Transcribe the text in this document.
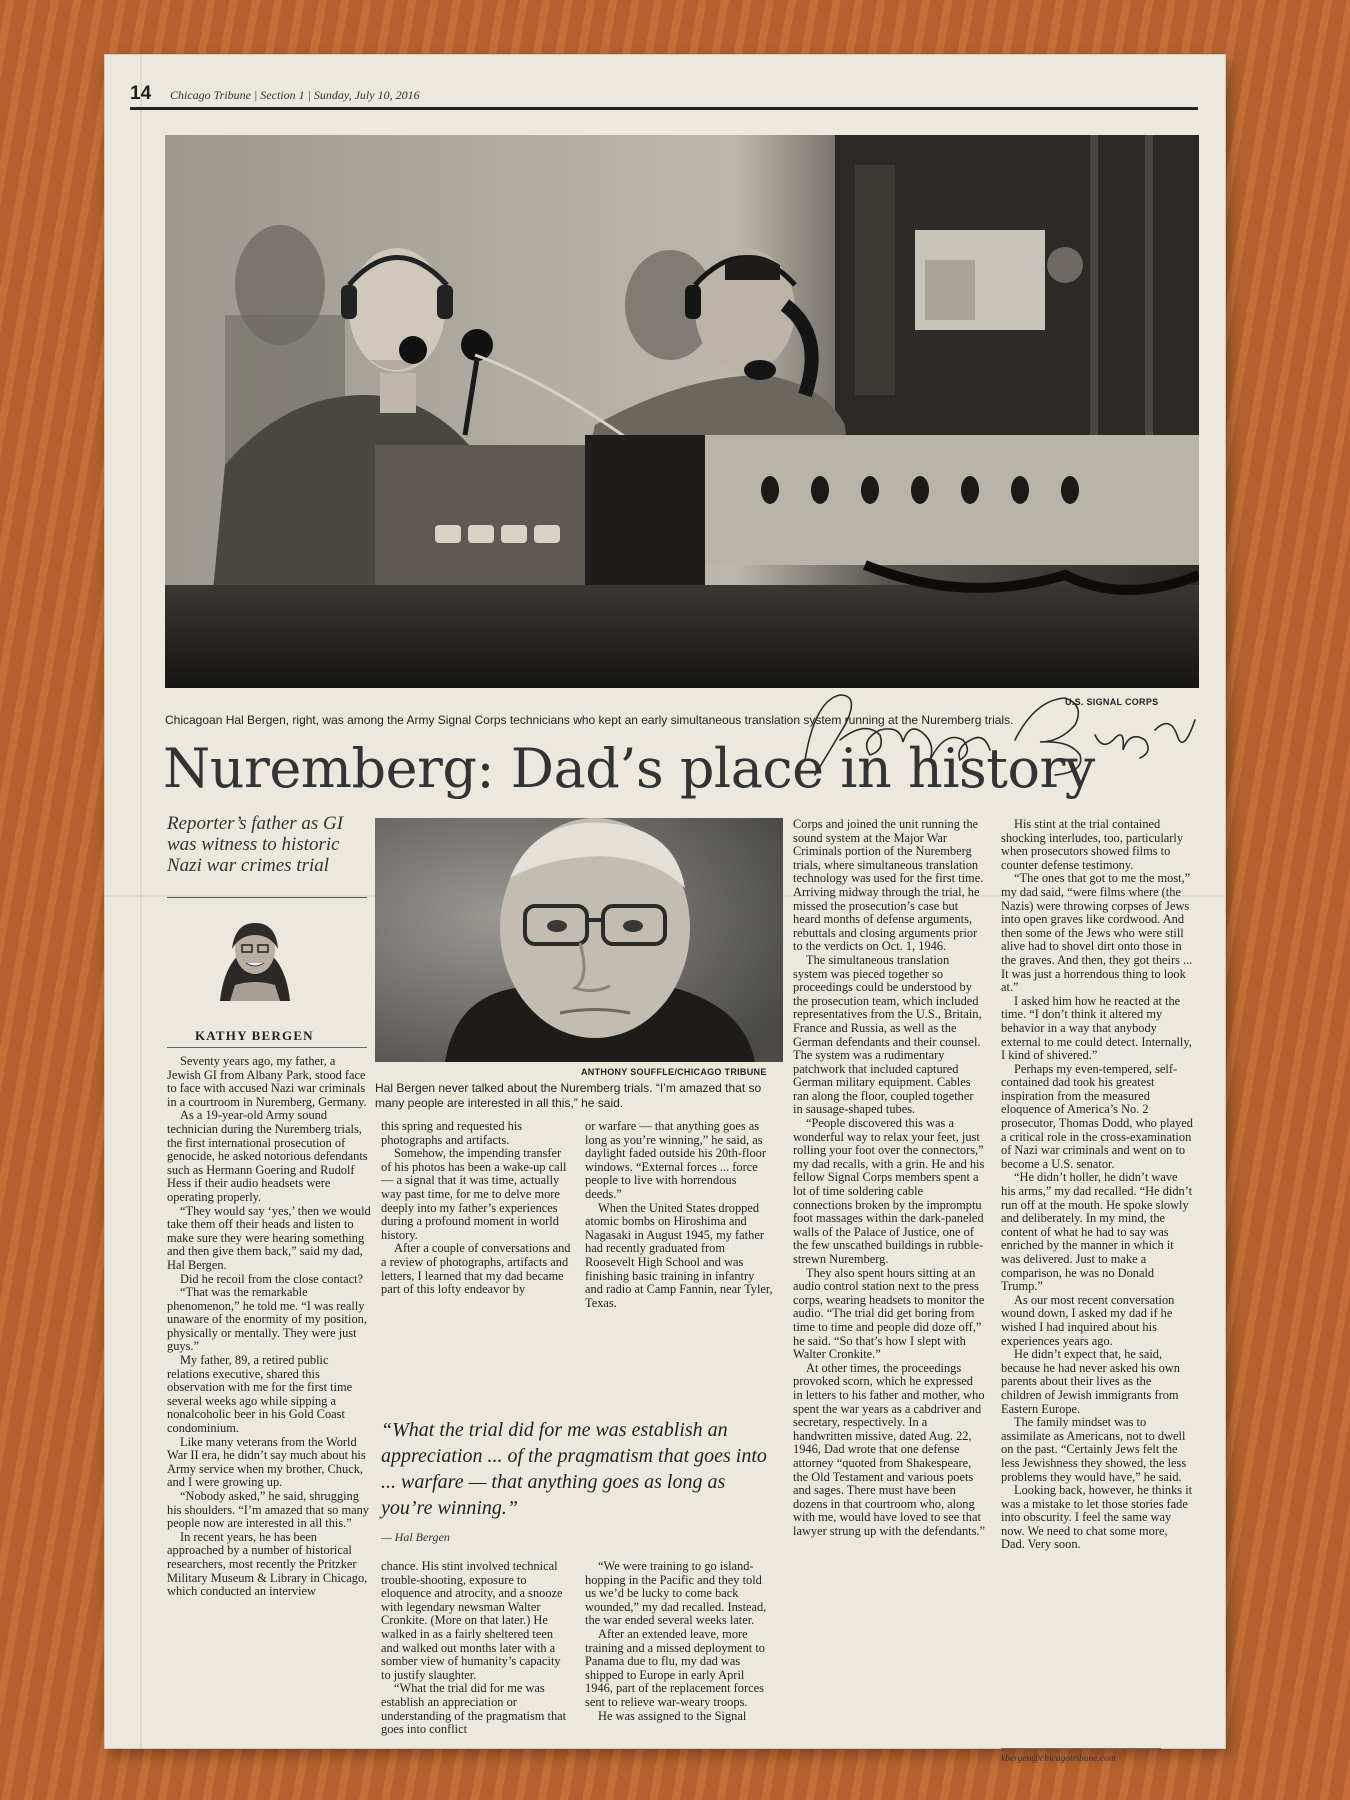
14 Chicago Tribune | Section 1 | Sunday, July 10, 2016
U.S. SIGNAL CORPS
Chicagoan Hal Bergen, right, was among the Army Signal Corps technicians who kept an early simultaneous translation system running at the Nuremberg trials.
Nuremberg: Dad’s place in history
Reporter’s father as GI was witness to historic Nazi war crimes trial
KATHY BERGEN
ANTHONY SOUFFLE/CHICAGO TRIBUNE
Hal Bergen never talked about the Nuremberg trials. “I’m amazed that so many people are interested in all this,” he said.

Seventy years ago, my father, a Jewish GI from Albany Park, stood face to face with accused Nazi war criminals in a courtroom in Nuremberg, Germany.

As a 19-year-old Army sound technician during the Nuremberg trials, the first international prosecution of genocide, he asked notorious defendants such as Hermann Goering and Rudolf Hess if their audio headsets were operating properly.

“They would say ‘yes,’ then we would take them off their heads and listen to make sure they were hearing something and then give them back,” said my dad, Hal Bergen.

Did he recoil from the close contact?

“That was the remarkable phenomenon,” he told me. “I was really unaware of the enormity of my position, physically or mentally. They were just guys.”

My father, 89, a retired public relations executive, shared this observation with me for the first time several weeks ago while sipping a nonalcoholic beer in his Gold Coast condominium.

Like many veterans from the World War II era, he didn’t say much about his Army service when my brother, Chuck, and I were growing up.

“Nobody asked,” he said, shrugging his shoulders. “I’m amazed that so many people now are interested in all this.”

In recent years, he has been approached by a number of historical researchers, most recently the Pritzker Military Museum & Library in Chicago, which conducted an interview

this spring and requested his photographs and artifacts.

Somehow, the impending transfer of his photos has been a wake-up call — a signal that it was time, actually way past time, for me to delve more deeply into my father’s experiences during a profound moment in world history.

After a couple of conversations and a review of photographs, artifacts and letters, I learned that my dad became part of this lofty endeavor by

or warfare — that anything goes as long as you’re winning,” he said, as daylight faded outside his 20th-floor windows. “External forces ... force people to live with horrendous deeds.”

When the United States dropped atomic bombs on Hiroshima and Nagasaki in August 1945, my father had recently graduated from Roosevelt High School and was finishing basic training in infantry and radio at Camp Fannin, near Tyler, Texas.

“What the trial did for me was establish an appreciation ... of the pragmatism that goes into ... warfare — that anything goes as long as you’re winning.”
— Hal Bergen

chance. His stint involved technical trouble-shooting, exposure to eloquence and atrocity, and a snooze with legendary newsman Walter Cronkite. (More on that later.) He walked in as a fairly sheltered teen and walked out months later with a somber view of humanity’s capacity to justify slaughter.

“What the trial did for me was establish an appreciation or understanding of the pragmatism that goes into conflict

“We were training to go island-hopping in the Pacific and they told us we’d be lucky to come back wounded,” my dad recalled. Instead, the war ended several weeks later.

After an extended leave, more training and a missed deployment to Panama due to flu, my dad was shipped to Europe in early April 1946, part of the replacement forces sent to relieve war-weary troops.

He was assigned to the Signal

Corps and joined the unit running the sound system at the Major War Criminals portion of the Nuremberg trials, where simultaneous translation technology was used for the first time. Arriving midway through the trial, he missed the prosecution’s case but heard months of defense arguments, rebuttals and closing arguments prior to the verdicts on Oct. 1, 1946.

The simultaneous translation system was pieced together so proceedings could be understood by the prosecution team, which included representatives from the U.S., Britain, France and Russia, as well as the German defendants and their counsel. The system was a rudimentary patchwork that included captured German military equipment. Cables ran along the floor, coupled together in sausage-shaped tubes.

“People discovered this was a wonderful way to relax your feet, just rolling your foot over the connectors,” my dad recalls, with a grin. He and his fellow Signal Corps members spent a lot of time soldering cable connections broken by the impromptu foot massages within the dark-paneled walls of the Palace of Justice, one of the few unscathed buildings in rubble-strewn Nuremberg.

They also spent hours sitting at an audio control station next to the press corps, wearing headsets to monitor the audio. “The trial did get boring from time to time and people did doze off,” he said. “So that’s how I slept with Walter Cronkite.”

At other times, the proceedings provoked scorn, which he expressed in letters to his father and mother, who spent the war years as a cabdriver and secretary, respectively. In a handwritten missive, dated Aug. 22, 1946, Dad wrote that one defense attorney “quoted from Shakespeare, the Old Testament and various poets and sages. There must have been dozens in that courtroom who, along with me, would have loved to see that lawyer strung up with the defendants.”

His stint at the trial contained shocking interludes, too, particularly when prosecutors showed films to counter defense testimony.

“The ones that got to me the most,” my dad said, “were films where (the Nazis) were throwing corpses of Jews into open graves like cordwood. And then some of the Jews who were still alive had to shovel dirt onto those in the graves. And then, they got theirs ... It was just a horrendous thing to look at.”

I asked him how he reacted at the time. “I don’t think it altered my behavior in a way that anybody external to me could detect. Internally, I kind of shivered.”

Perhaps my even-tempered, self-contained dad took his greatest inspiration from the measured eloquence of America’s No. 2 prosecutor, Thomas Dodd, who played a critical role in the cross-examination of Nazi war criminals and went on to become a U.S. senator.

“He didn’t holler, he didn’t wave his arms,” my dad recalled. “He didn’t run off at the mouth. He spoke slowly and deliberately. In my mind, the content of what he had to say was enriched by the manner in which it was delivered. Just to make a comparison, he was no Donald Trump.”

As our most recent conversation wound down, I asked my dad if he wished I had inquired about his experiences years ago.

He didn’t expect that, he said, because he had never asked his own parents about their lives as the children of Jewish immigrants from Eastern Europe.

The family mindset was to assimilate as Americans, not to dwell on the past. “Certainly Jews felt the less Jewishness they showed, the less problems they would have,” he said.

Looking back, however, he thinks it was a mistake to let those stories fade into obscurity. I feel the same way now. We need to chat some more, Dad. Very soon.

kbergen@chicagotribune.com
